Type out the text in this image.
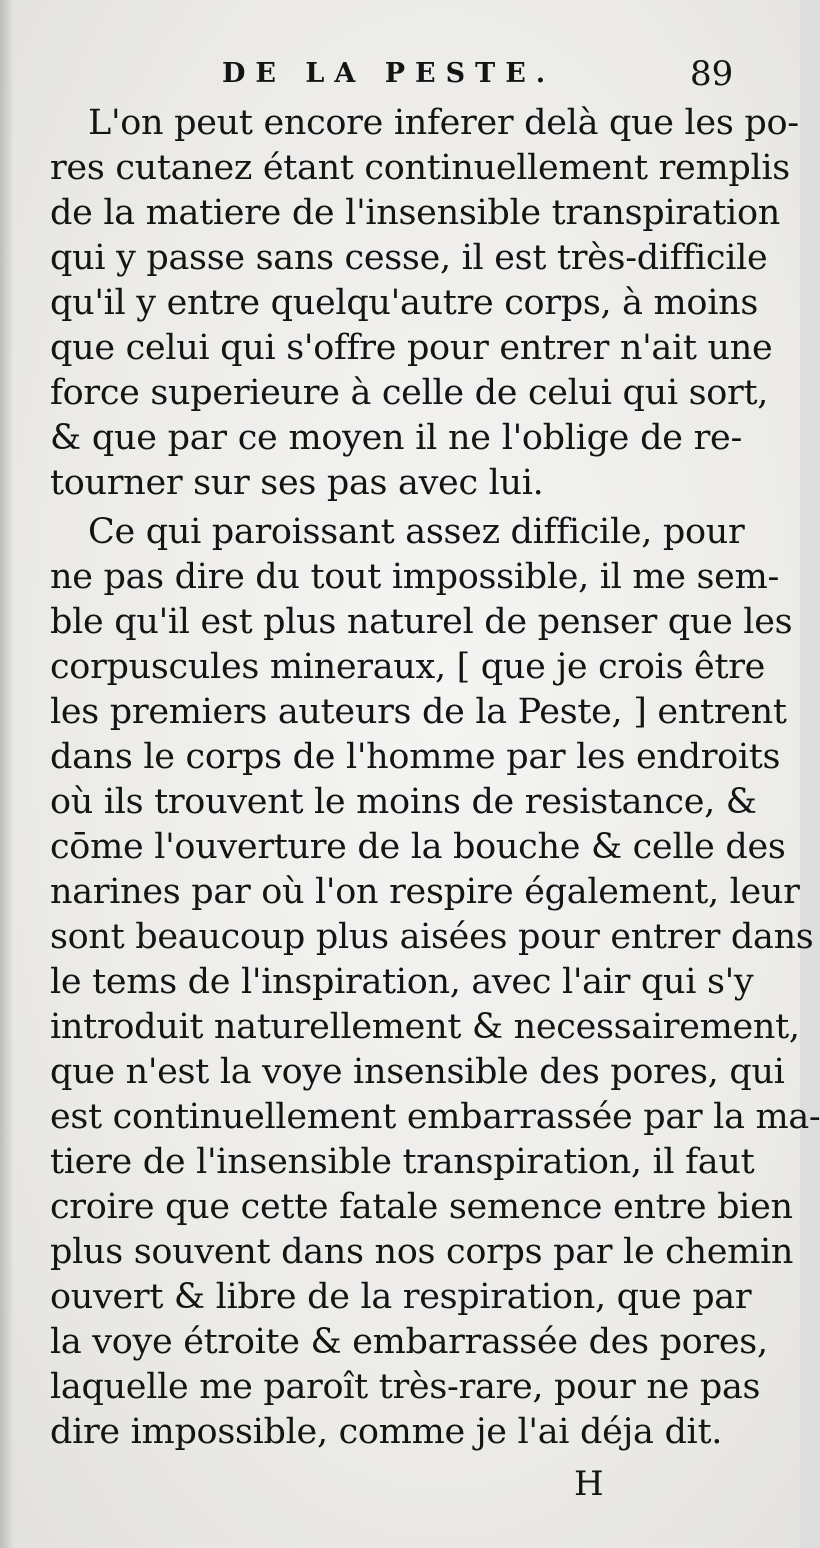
DE LA PESTE.	89
L'on peut encore inferer delà que les po-
res cutanez étant continuellement remplis
de la matiere de l'insensible transpiration
qui y passe sans cesse, il est très-difficile
qu'il y entre quelqu'autre corps, à moins
que celui qui s'offre pour entrer n'ait une
force superieure à celle de celui qui sort,
& que par ce moyen il ne l'oblige de re-
tourner sur ses pas avec lui.
Ce qui paroissant assez difficile, pour
ne pas dire du tout impossible, il me sem-
ble qu'il est plus naturel de penser que les
corpuscules mineraux, [ que je crois être
les premiers auteurs de la Peste, ] entrent
dans le corps de l'homme par les endroits
où ils trouvent le moins de resistance, &
cōme l'ouverture de la bouche & celle des
narines par où l'on respire également, leur
sont beaucoup plus aisées pour entrer dans
le tems de l'inspiration, avec l'air qui s'y
introduit naturellement & necessairement,
que n'est la voye insensible des pores, qui
est continuellement embarrassée par la ma-
tiere de l'insensible transpiration, il faut
croire que cette fatale semence entre bien
plus souvent dans nos corps par le chemin
ouvert & libre de la respiration, que par
la voye étroite & embarrassée des pores,
laquelle me paroît très-rare, pour ne pas
dire impossible, comme je l'ai déja dit.
H
